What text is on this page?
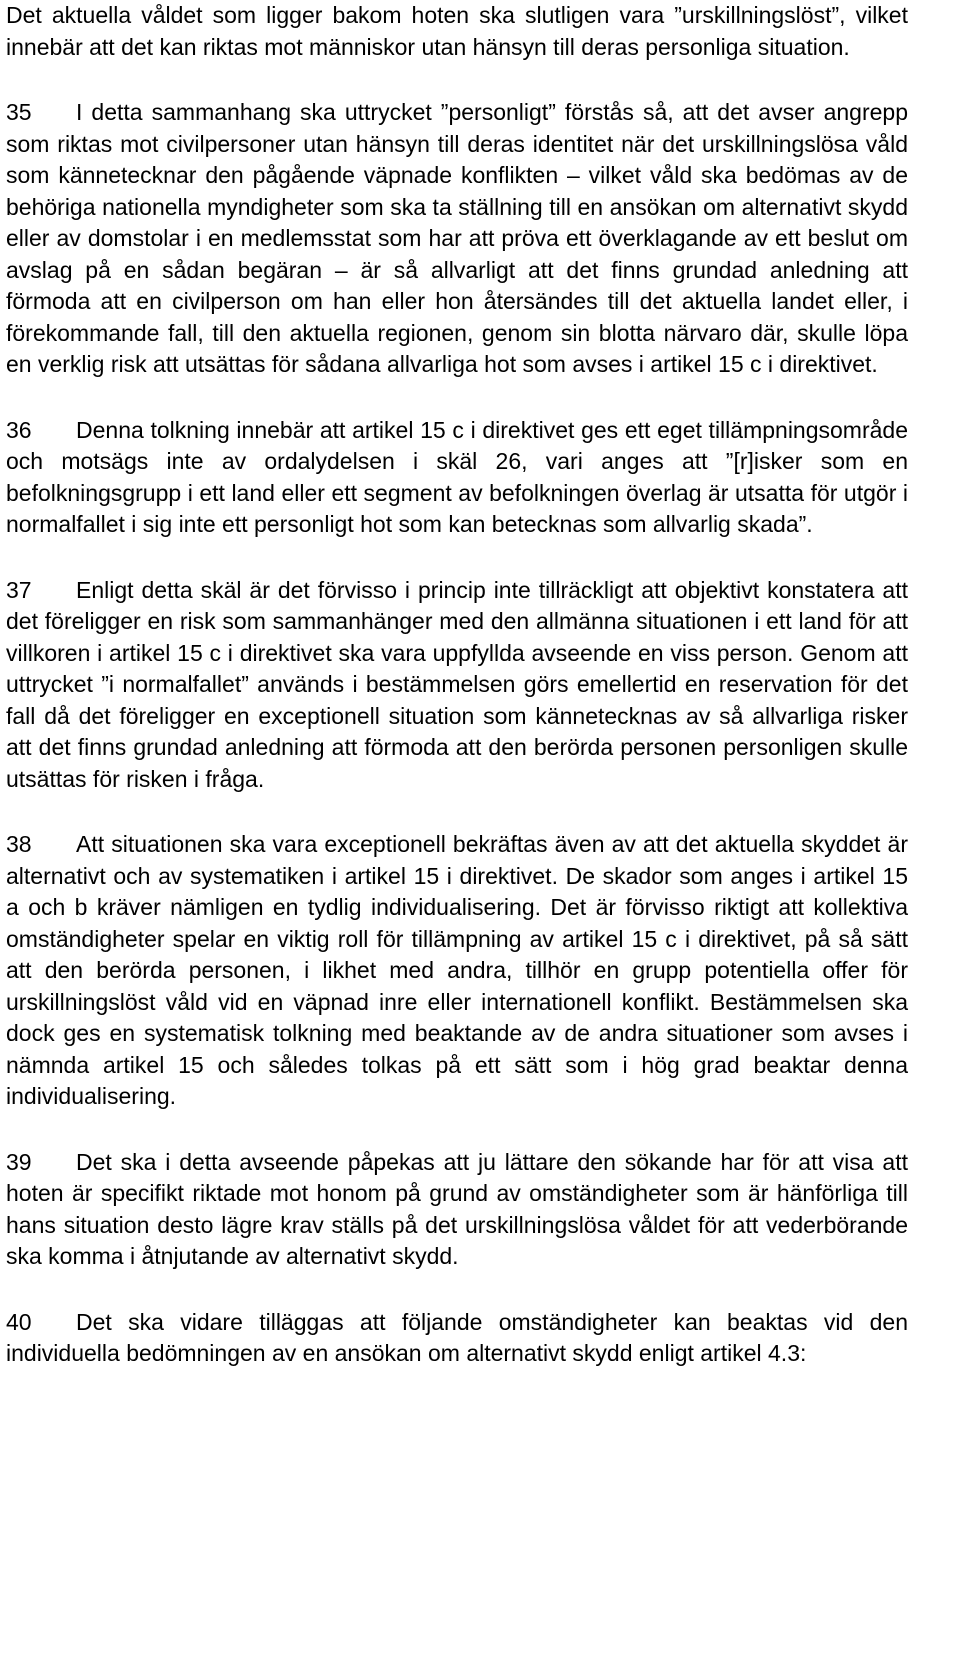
Det aktuella våldet som ligger bakom hoten ska slutligen vara ”urskillningslöst”, vilket innebär att det kan riktas mot människor utan hänsyn till deras personliga situation.

35 I detta sammanhang ska uttrycket ”personligt” förstås så, att det avser angrepp som riktas mot civilpersoner utan hänsyn till deras identitet när det urskillningslösa våld som kännetecknar den pågående väpnade konflikten – vilket våld ska bedömas av de behöriga nationella myndigheter som ska ta ställning till en ansökan om alternativt skydd eller av domstolar i en medlemsstat som har att pröva ett överklagande av ett beslut om avslag på en sådan begäran – är så allvarligt att det finns grundad anledning att förmoda att en civilperson om han eller hon återsändes till det aktuella landet eller, i förekommande fall, till den aktuella regionen, genom sin blotta närvaro där, skulle löpa en verklig risk att utsättas för sådana allvarliga hot som avses i artikel 15 c i direktivet.

36 Denna tolkning innebär att artikel 15 c i direktivet ges ett eget tillämpningsområde och motsägs inte av ordalydelsen i skäl 26, vari anges att ”[r]isker som en befolkningsgrupp i ett land eller ett segment av befolkningen överlag är utsatta för utgör i normalfallet i sig inte ett personligt hot som kan betecknas som allvarlig skada”.

37 Enligt detta skäl är det förvisso i princip inte tillräckligt att objektivt konstatera att det föreligger en risk som sammanhänger med den allmänna situationen i ett land för att villkoren i artikel 15 c i direktivet ska vara uppfyllda avseende en viss person. Genom att uttrycket ”i normalfallet” används i bestämmelsen görs emellertid en reservation för det fall då det föreligger en exceptionell situation som kännetecknas av så allvarliga risker att det finns grundad anledning att förmoda att den berörda personen personligen skulle utsättas för risken i fråga.

38 Att situationen ska vara exceptionell bekräftas även av att det aktuella skyddet är alternativt och av systematiken i artikel 15 i direktivet. De skador som anges i artikel 15 a och b kräver nämligen en tydlig individualisering. Det är förvisso riktigt att kollektiva omständigheter spelar en viktig roll för tillämpning av artikel 15 c i direktivet, på så sätt att den berörda personen, i likhet med andra, tillhör en grupp potentiella offer för urskillningslöst våld vid en väpnad inre eller internationell konflikt. Bestämmelsen ska dock ges en systematisk tolkning med beaktande av de andra situationer som avses i nämnda artikel 15 och således tolkas på ett sätt som i hög grad beaktar denna individualisering.

39 Det ska i detta avseende påpekas att ju lättare den sökande har för att visa att hoten är specifikt riktade mot honom på grund av omständigheter som är hänförliga till hans situation desto lägre krav ställs på det urskillningslösa våldet för att vederbörande ska komma i åtnjutande av alternativt skydd.

40 Det ska vidare tilläggas att följande omständigheter kan beaktas vid den individuella bedömningen av en ansökan om alternativt skydd enligt artikel 4.3:
